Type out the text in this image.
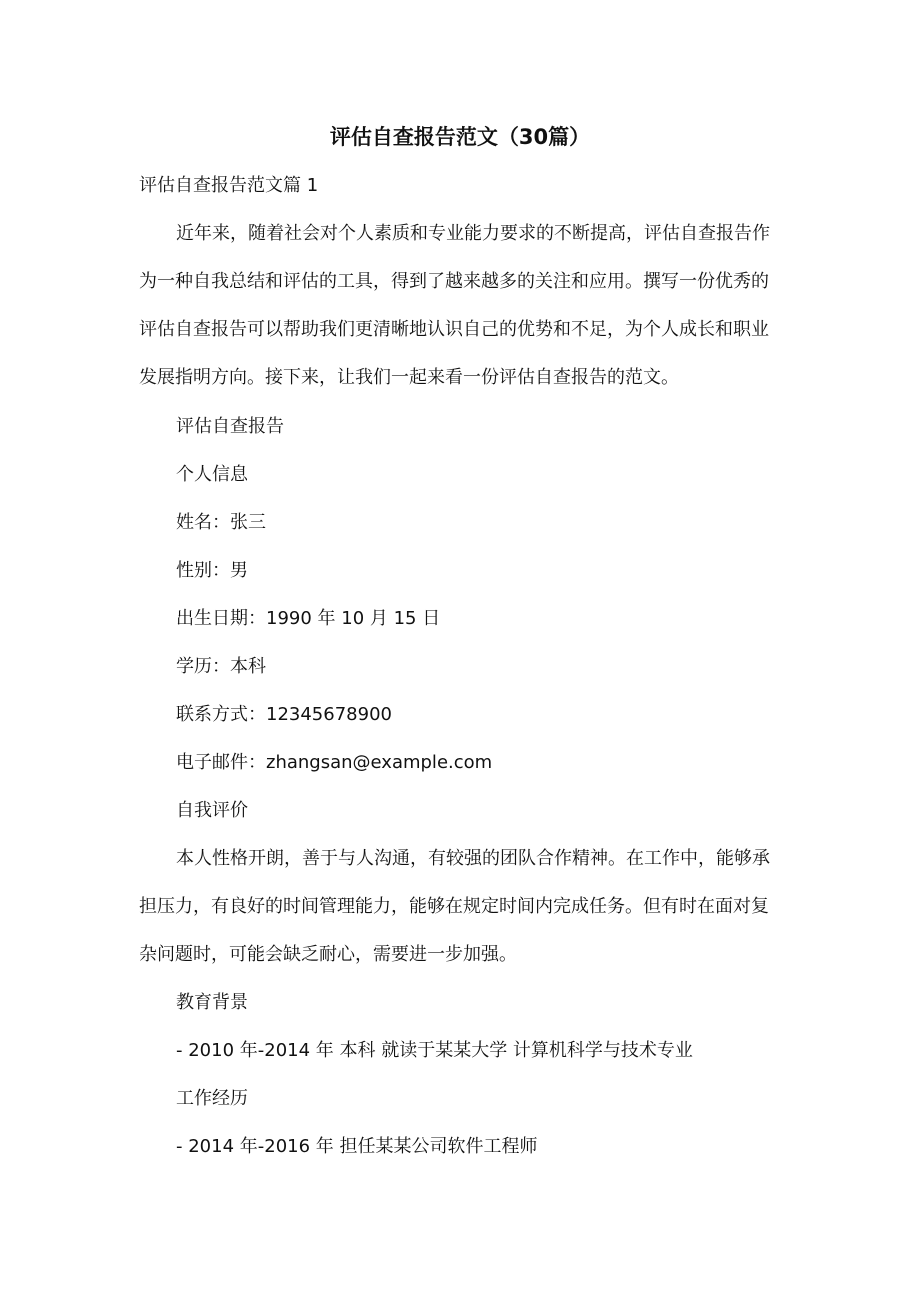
评估自查报告范文（30篇）
评估自查报告范文篇 1
近年来，随着社会对个人素质和专业能力要求的不断提高，评估自查报告作
为一种自我总结和评估的工具，得到了越来越多的关注和应用。撰写一份优秀的
评估自查报告可以帮助我们更清晰地认识自己的优势和不足，为个人成长和职业
发展指明方向。接下来，让我们一起来看一份评估自查报告的范文。
评估自查报告
个人信息
姓名：张三
性别：男
出生日期：1990 年 10 月 15 日
学历：本科
联系方式：12345678900
电子邮件：zhangsan@example.com
自我评价
本人性格开朗，善于与人沟通，有较强的团队合作精神。在工作中，能够承
担压力，有良好的时间管理能力，能够在规定时间内完成任务。但有时在面对复
杂问题时，可能会缺乏耐心，需要进一步加强。
教育背景
- 2010 年-2014 年 本科 就读于某某大学 计算机科学与技术专业
工作经历
- 2014 年-2016 年 担任某某公司软件工程师
